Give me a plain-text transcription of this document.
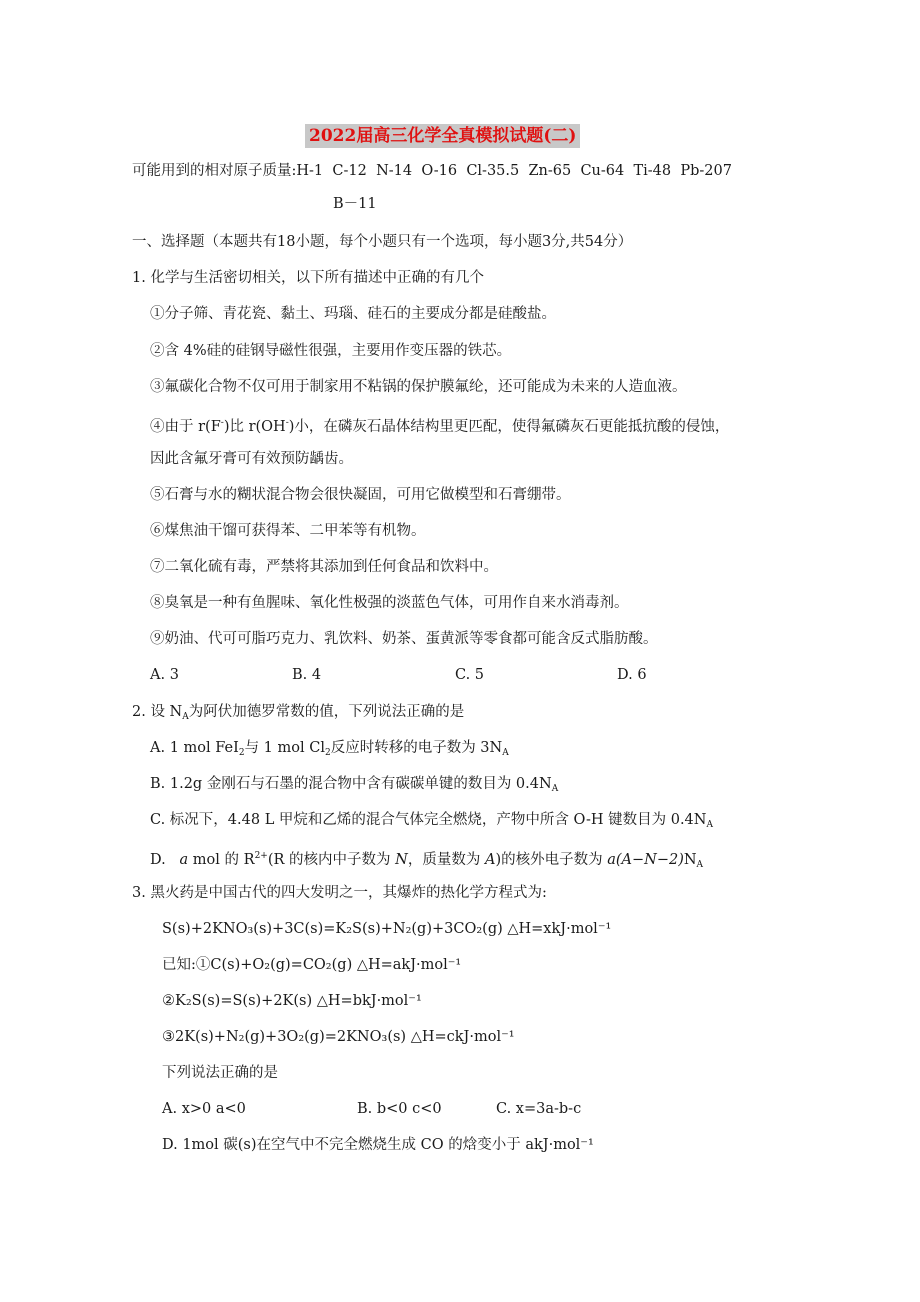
2022届高三化学全真模拟试题(二)
可能用到的相对原子质量:H-1 C-12 N-14 O-16 Cl-35.5 Zn-65 Cu-64 Ti-48 Pb-207
B－11
一、选择题（本题共有18小题，每个小题只有一个选项，每小题3分,共54分）
1. 化学与生活密切相关，以下所有描述中正确的有几个
①分子筛、青花瓷、黏土、玛瑙、硅石的主要成分都是硅酸盐。
②含 4%硅的硅钢导磁性很强，主要用作变压器的铁芯。
③氟碳化合物不仅可用于制家用不粘锅的保护膜氟纶，还可能成为未来的人造血液。
④由于 r(F-)比 r(OH-)小，在磷灰石晶体结构里更匹配，使得氟磷灰石更能抵抗酸的侵蚀，
因此含氟牙膏可有效预防龋齿。
⑤石膏与水的糊状混合物会很快凝固，可用它做模型和石膏绷带。
⑥煤焦油干馏可获得苯、二甲苯等有机物。
⑦二氧化硫有毒，严禁将其添加到任何食品和饮料中。
⑧臭氧是一种有鱼腥味、氧化性极强的淡蓝色气体，可用作自来水消毒剂。
⑨奶油、代可可脂巧克力、乳饮料、奶茶、蛋黄派等零食都可能含反式脂肪酸。
A. 3	B. 4	C. 5	D. 6
2. 设 $N_A$为阿伏加德罗常数的值，下列说法正确的是
A. 1 mol FeI$_2$与 1 mol $Cl_2$反应时转移的电子数为 $3N_A$
B. 1.2g 金刚石与石墨的混合物中含有碳碳单键的数目为 $0.4N_A$
C. 标况下，4.48 L 甲烷和乙烯的混合气体完全燃烧，产物中所含 O-H 键数目为 $0.4N_A$
D. a mol 的 $R^{2+}(R$ 的核内中子数为 N，质量数为 A)的核外电子数为 $a(A-N-2)N_A$
3. 黑火药是中国古代的四大发明之一，其爆炸的热化学方程式为:
S(s)+2KNO₃(s)+3C(s)=K₂S(s)+N₂(g)+3CO₂(g) △H=xkJ·mol⁻¹
已知:①C(s)+O₂(g)=CO₂(g) △H=akJ·mol⁻¹
②K₂S(s)=S(s)+2K(s) △H=bkJ·mol⁻¹
③2K(s)+N₂(g)+3O₂(g)=2KNO₃(s) △H=ckJ·mol⁻¹
下列说法正确的是
A. x>0 a<0	B. b<0 c<0	C. x=3a-b-c
D. 1mol 碳(s)在空气中不完全燃烧生成 CO 的焓变小于 akJ·mol⁻¹
